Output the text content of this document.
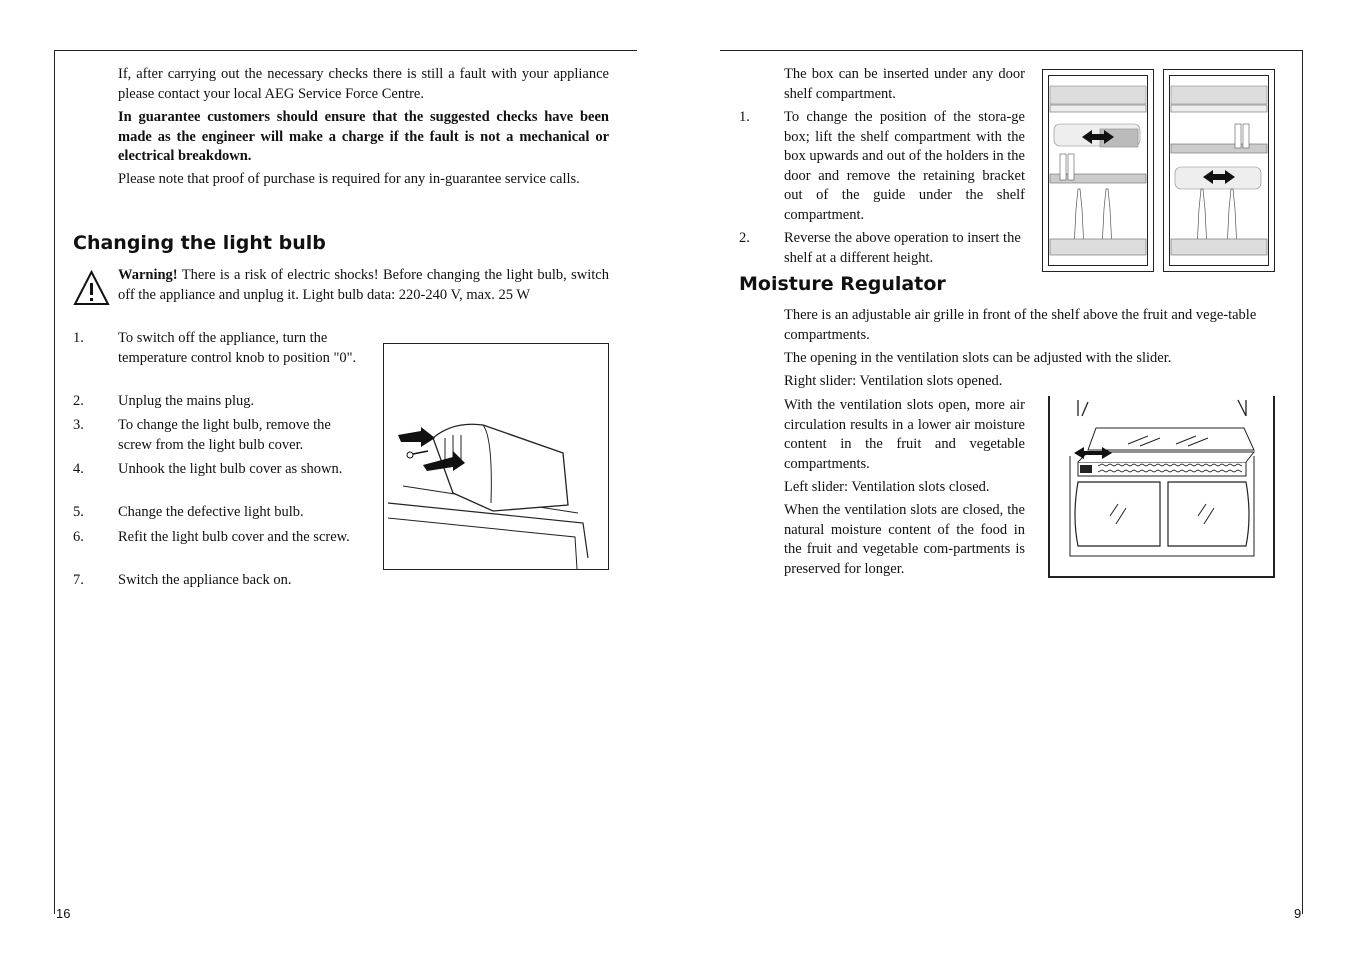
If, after carrying out the necessary checks there is still a fault with your appliance please contact your local AEG Service Force Centre.

In guarantee customers should ensure that the suggested checks have been made as the engineer will make a charge if the fault is not a mechanical or electrical breakdown.

Please note that proof of purchase is required for any in-guarantee service calls.

Changing the light bulb

Warning! There is a risk of electric shocks! Before changing the light bulb, switch off the appliance and unplug it. Light bulb data: 220-240 V, max. 25 W

1. To switch off the appliance, turn the temperature control knob to position "0".

2. Unplug the mains plug.

3. To change the light bulb, remove the screw from the light bulb cover.

4. Unhook the light bulb cover as shown.

5. Change the defective light bulb.

6. Refit the light bulb cover and the screw.

7. Switch the appliance back on.

16

The box can be inserted under any door shelf compartment.

1. To change the position of the stora-ge box; lift the shelf compartment with the box upwards and out of the holders in the door and remove the retaining bracket out of the guide under the shelf compartment.

2. Reverse the above operation to insert the shelf at a different height.

Moisture Regulator

There is an adjustable air grille in front of the shelf above the fruit and vege-table compartments.

The opening in the ventilation slots can be adjusted with the slider.

Right slider: Ventilation slots opened.

With the ventilation slots open, more air circulation results in a lower air moisture content in the fruit and vegetable compartments.

Left slider: Ventilation slots closed.

When the ventilation slots are closed, the natural moisture content of the food in the fruit and vegetable com-partments is preserved for longer.

9
